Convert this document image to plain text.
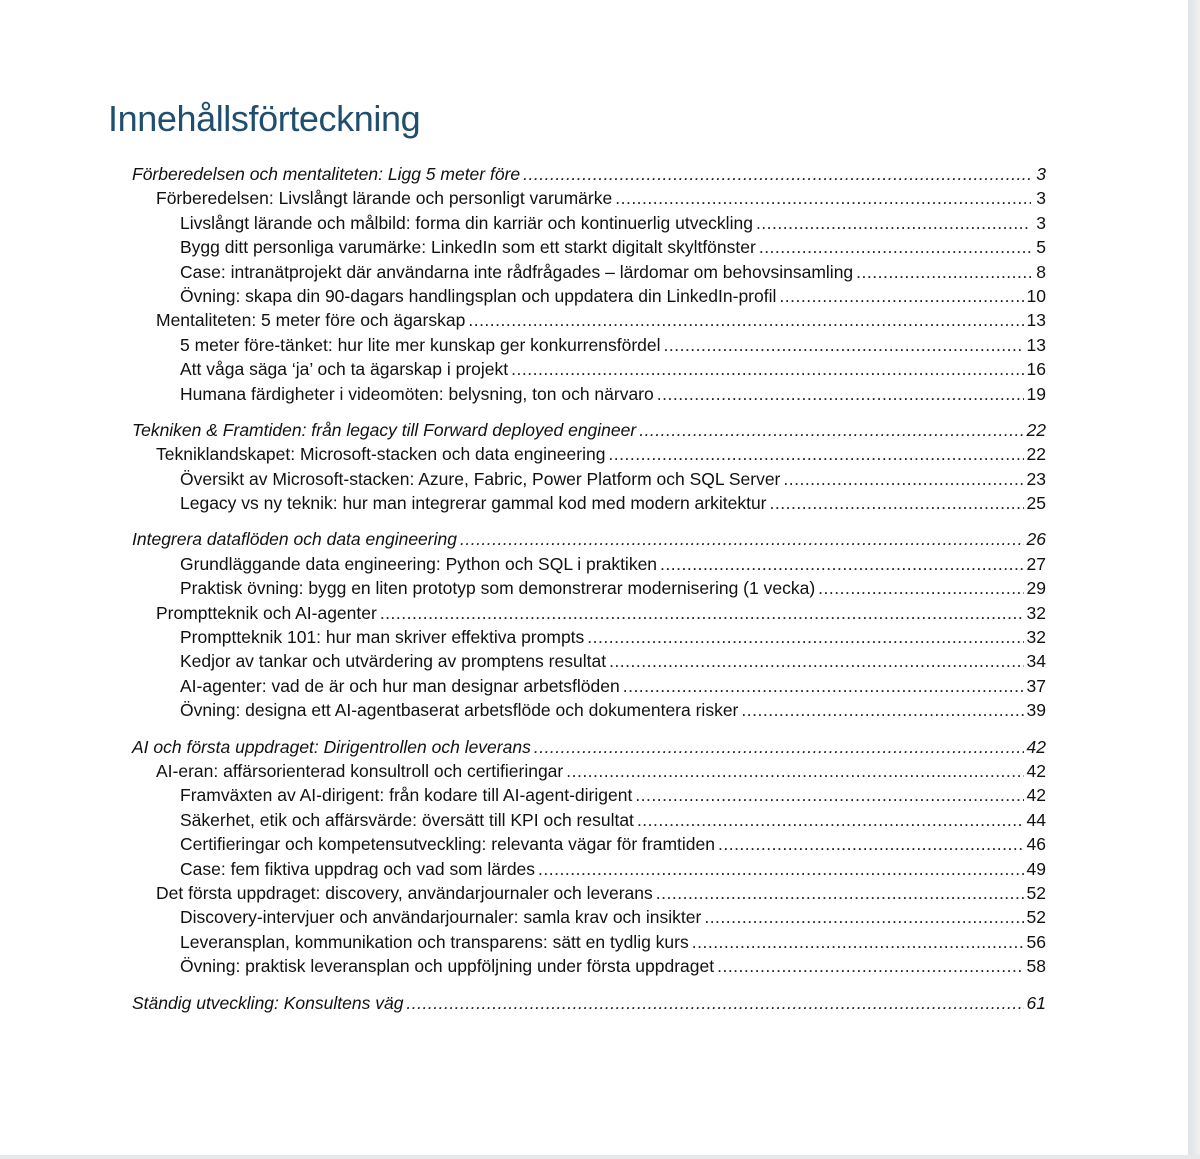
Innehållsförteckning
Förberedelsen och mentaliteten: Ligg 5 meter före .....	3
Förberedelsen: Livslångt lärande och personligt varumärke .....	3
Livslångt lärande och målbild: forma din karriär och kontinuerlig utveckling .....	3
Bygg ditt personliga varumärke: LinkedIn som ett starkt digitalt skyltfönster .....	5
Case: intranätprojekt där användarna inte rådfrågades – lärdomar om behovsinsamling .....	8
Övning: skapa din 90-dagars handlingsplan och uppdatera din LinkedIn-profil .....	10
Mentaliteten: 5 meter före och ägarskap .....	13
5 meter före-tänket: hur lite mer kunskap ger konkurrensfördel .....	13
Att våga säga ‘ja’ och ta ägarskap i projekt .....	16
Humana färdigheter i videomöten: belysning, ton och närvaro .....	19
Tekniken & Framtiden: från legacy till Forward deployed engineer .....	22
Tekniklandskapet: Microsoft-stacken och data engineering .....	22
Översikt av Microsoft-stacken: Azure, Fabric, Power Platform och SQL Server .....	23
Legacy vs ny teknik: hur man integrerar gammal kod med modern arkitektur .....	25
Integrera dataflöden och data engineering .....	26
Grundläggande data engineering: Python och SQL i praktiken .....	27
Praktisk övning: bygg en liten prototyp som demonstrerar modernisering (1 vecka) .....	29
Promptteknik och AI-agenter .....	32
Promptteknik 101: hur man skriver effektiva prompts .....	32
Kedjor av tankar och utvärdering av promptens resultat .....	34
AI-agenter: vad de är och hur man designar arbetsflöden .....	37
Övning: designa ett AI-agentbaserat arbetsflöde och dokumentera risker .....	39
AI och första uppdraget: Dirigentrollen och leverans .....	42
AI-eran: affärsorienterad konsultroll och certifieringar .....	42
Framväxten av AI-dirigent: från kodare till AI-agent-dirigent .....	42
Säkerhet, etik och affärsvärde: översätt till KPI och resultat .....	44
Certifieringar och kompetensutveckling: relevanta vägar för framtiden .....	46
Case: fem fiktiva uppdrag och vad som lärdes .....	49
Det första uppdraget: discovery, användarjournaler och leverans .....	52
Discovery-intervjuer och användarjournaler: samla krav och insikter .....	52
Leveransplan, kommunikation och transparens: sätt en tydlig kurs .....	56
Övning: praktisk leveransplan och uppföljning under första uppdraget .....	58
Ständig utveckling: Konsultens väg .....	61
